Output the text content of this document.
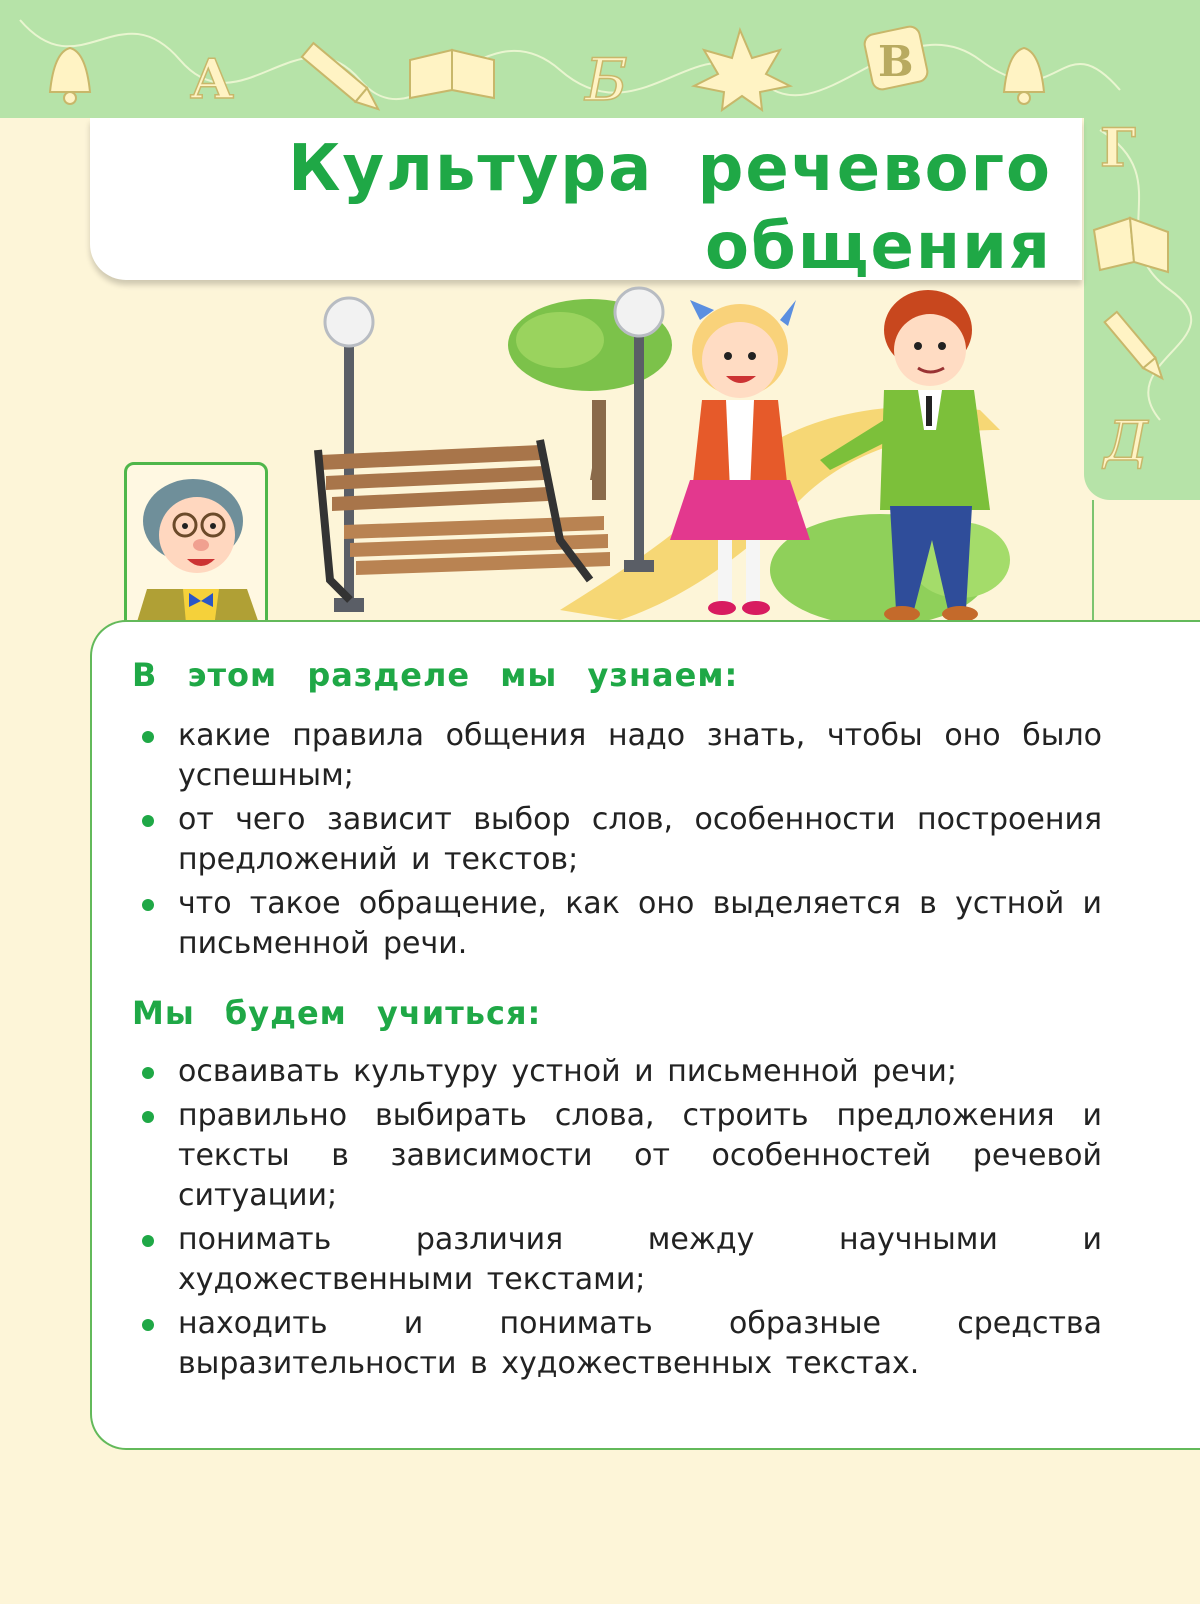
А	Б	В
Г
Д
Культура речевого
общения
В этом разделе мы узнаем:
какие правила общения надо знать, чтобы оно было успешным;
от чего зависит выбор слов, особенности построения предложений и текстов;
что такое обращение, как оно выделяется в устной и письменной речи.
Мы будем учиться:
осваивать культуру устной и письменной речи;
правильно выбирать слова, строить предложения и тексты в зависимости от особенностей речевой ситуации;
понимать различия между научными и художественными текстами;
находить и понимать образные средства выразительности в художественных текстах.
